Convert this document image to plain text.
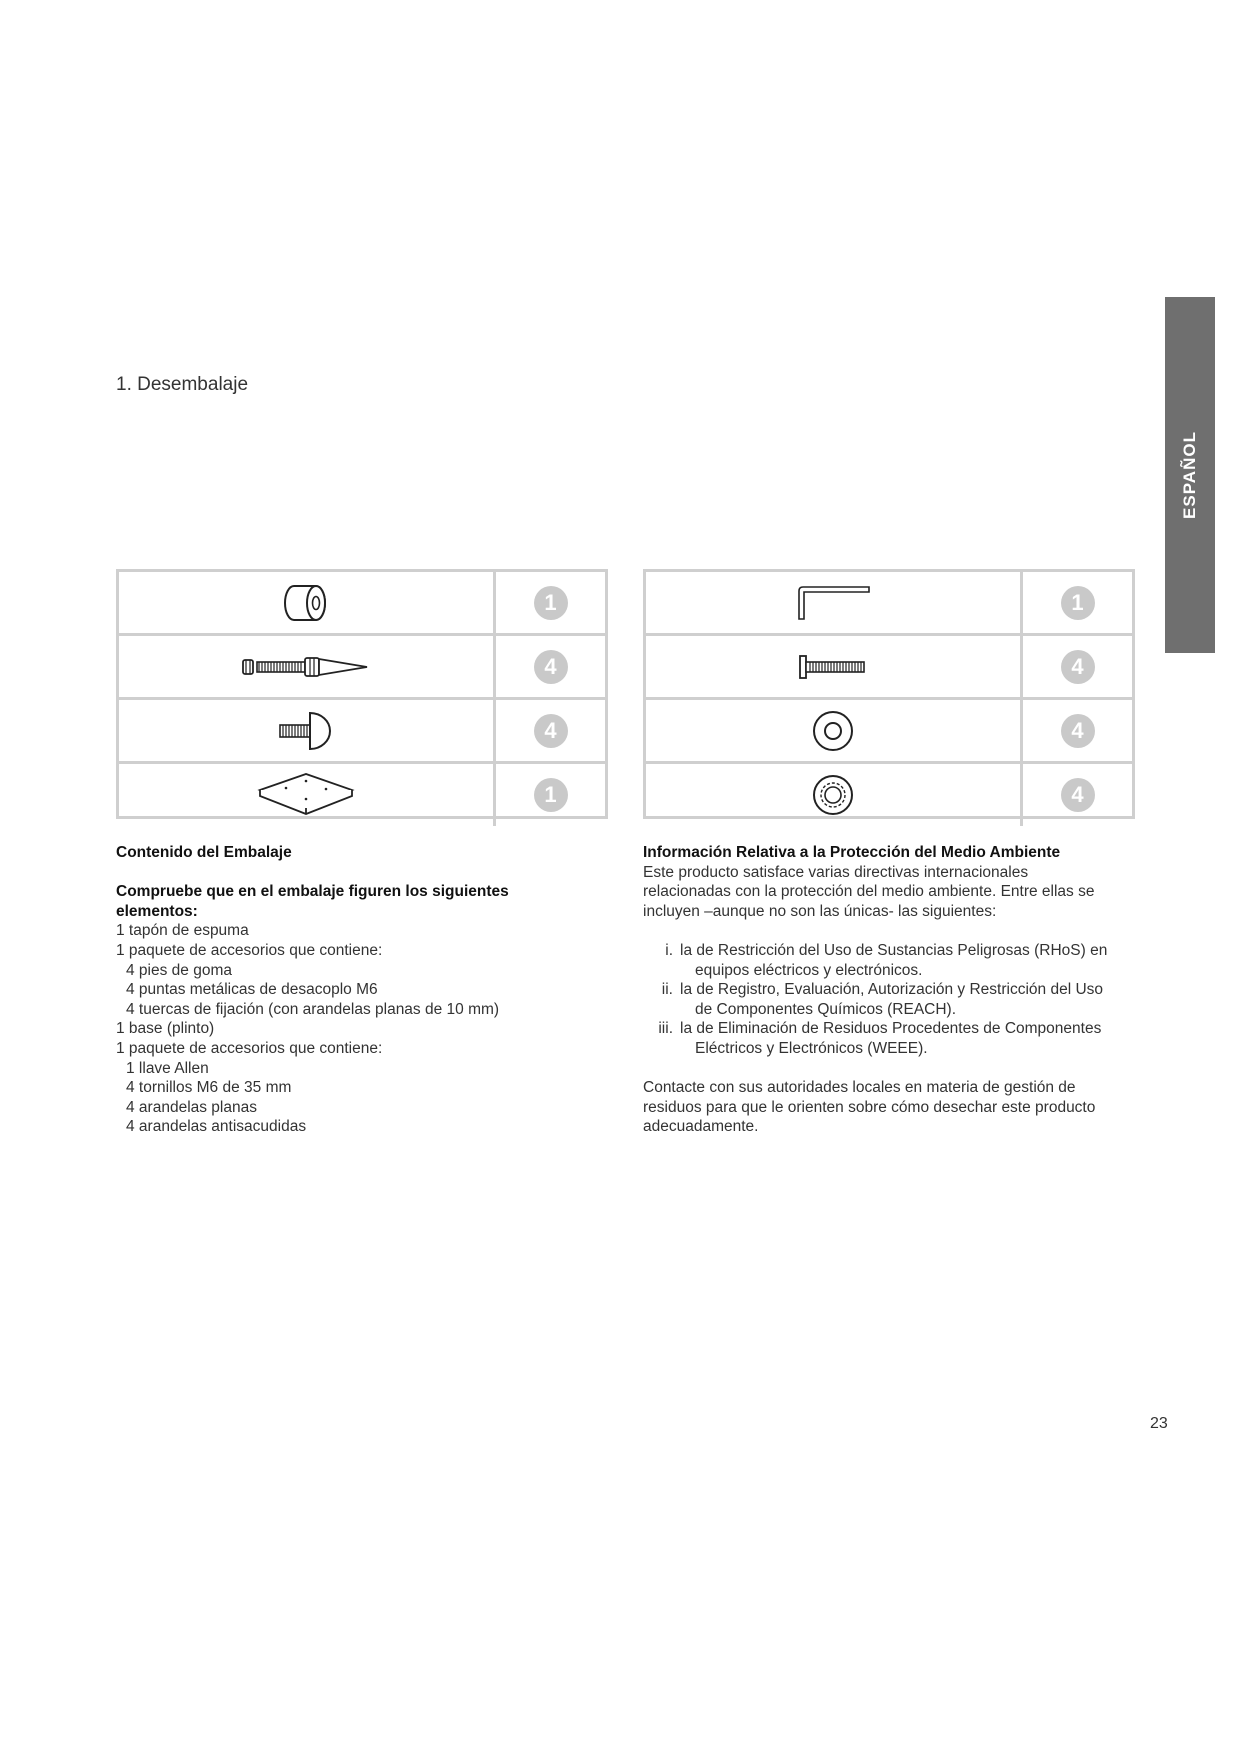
ESPAÑOL
1. Desembalaje
1
4
4
1
1
4
4
4

Contenido del Embalaje

Compruebe que en el embalaje figuren los siguientes elementos:

1 tapón de espuma

1 paquete de accesorios que contiene:

4 pies de goma

4 puntas metálicas de desacoplo M6

4 tuercas de fijación (con arandelas planas de 10 mm)

1 base (plinto)

1 paquete de accesorios que contiene:

1 llave Allen

4 tornillos M6 de 35 mm

4 arandelas planas

4 arandelas antisacudidas

Información Relativa a la Protección del Medio Ambiente

Este producto satisface varias directivas internacionales

relacionadas con la protección del medio ambiente. Entre ellas se

incluyen –aunque no son las únicas- las siguientes:

i. la de Restricción del Uso de Sustancias Peligrosas (RHoS) en

equipos eléctricos y electrónicos.

ii. la de Registro, Evaluación, Autorización y Restricción del Uso

de Componentes Químicos (REACH).

iii. la de Eliminación de Residuos Procedentes de Componentes

Eléctricos y Electrónicos (WEEE).

Contacte con sus autoridades locales en materia de gestión de

residuos para que le orienten sobre cómo desechar este producto

adecuadamente.

23
